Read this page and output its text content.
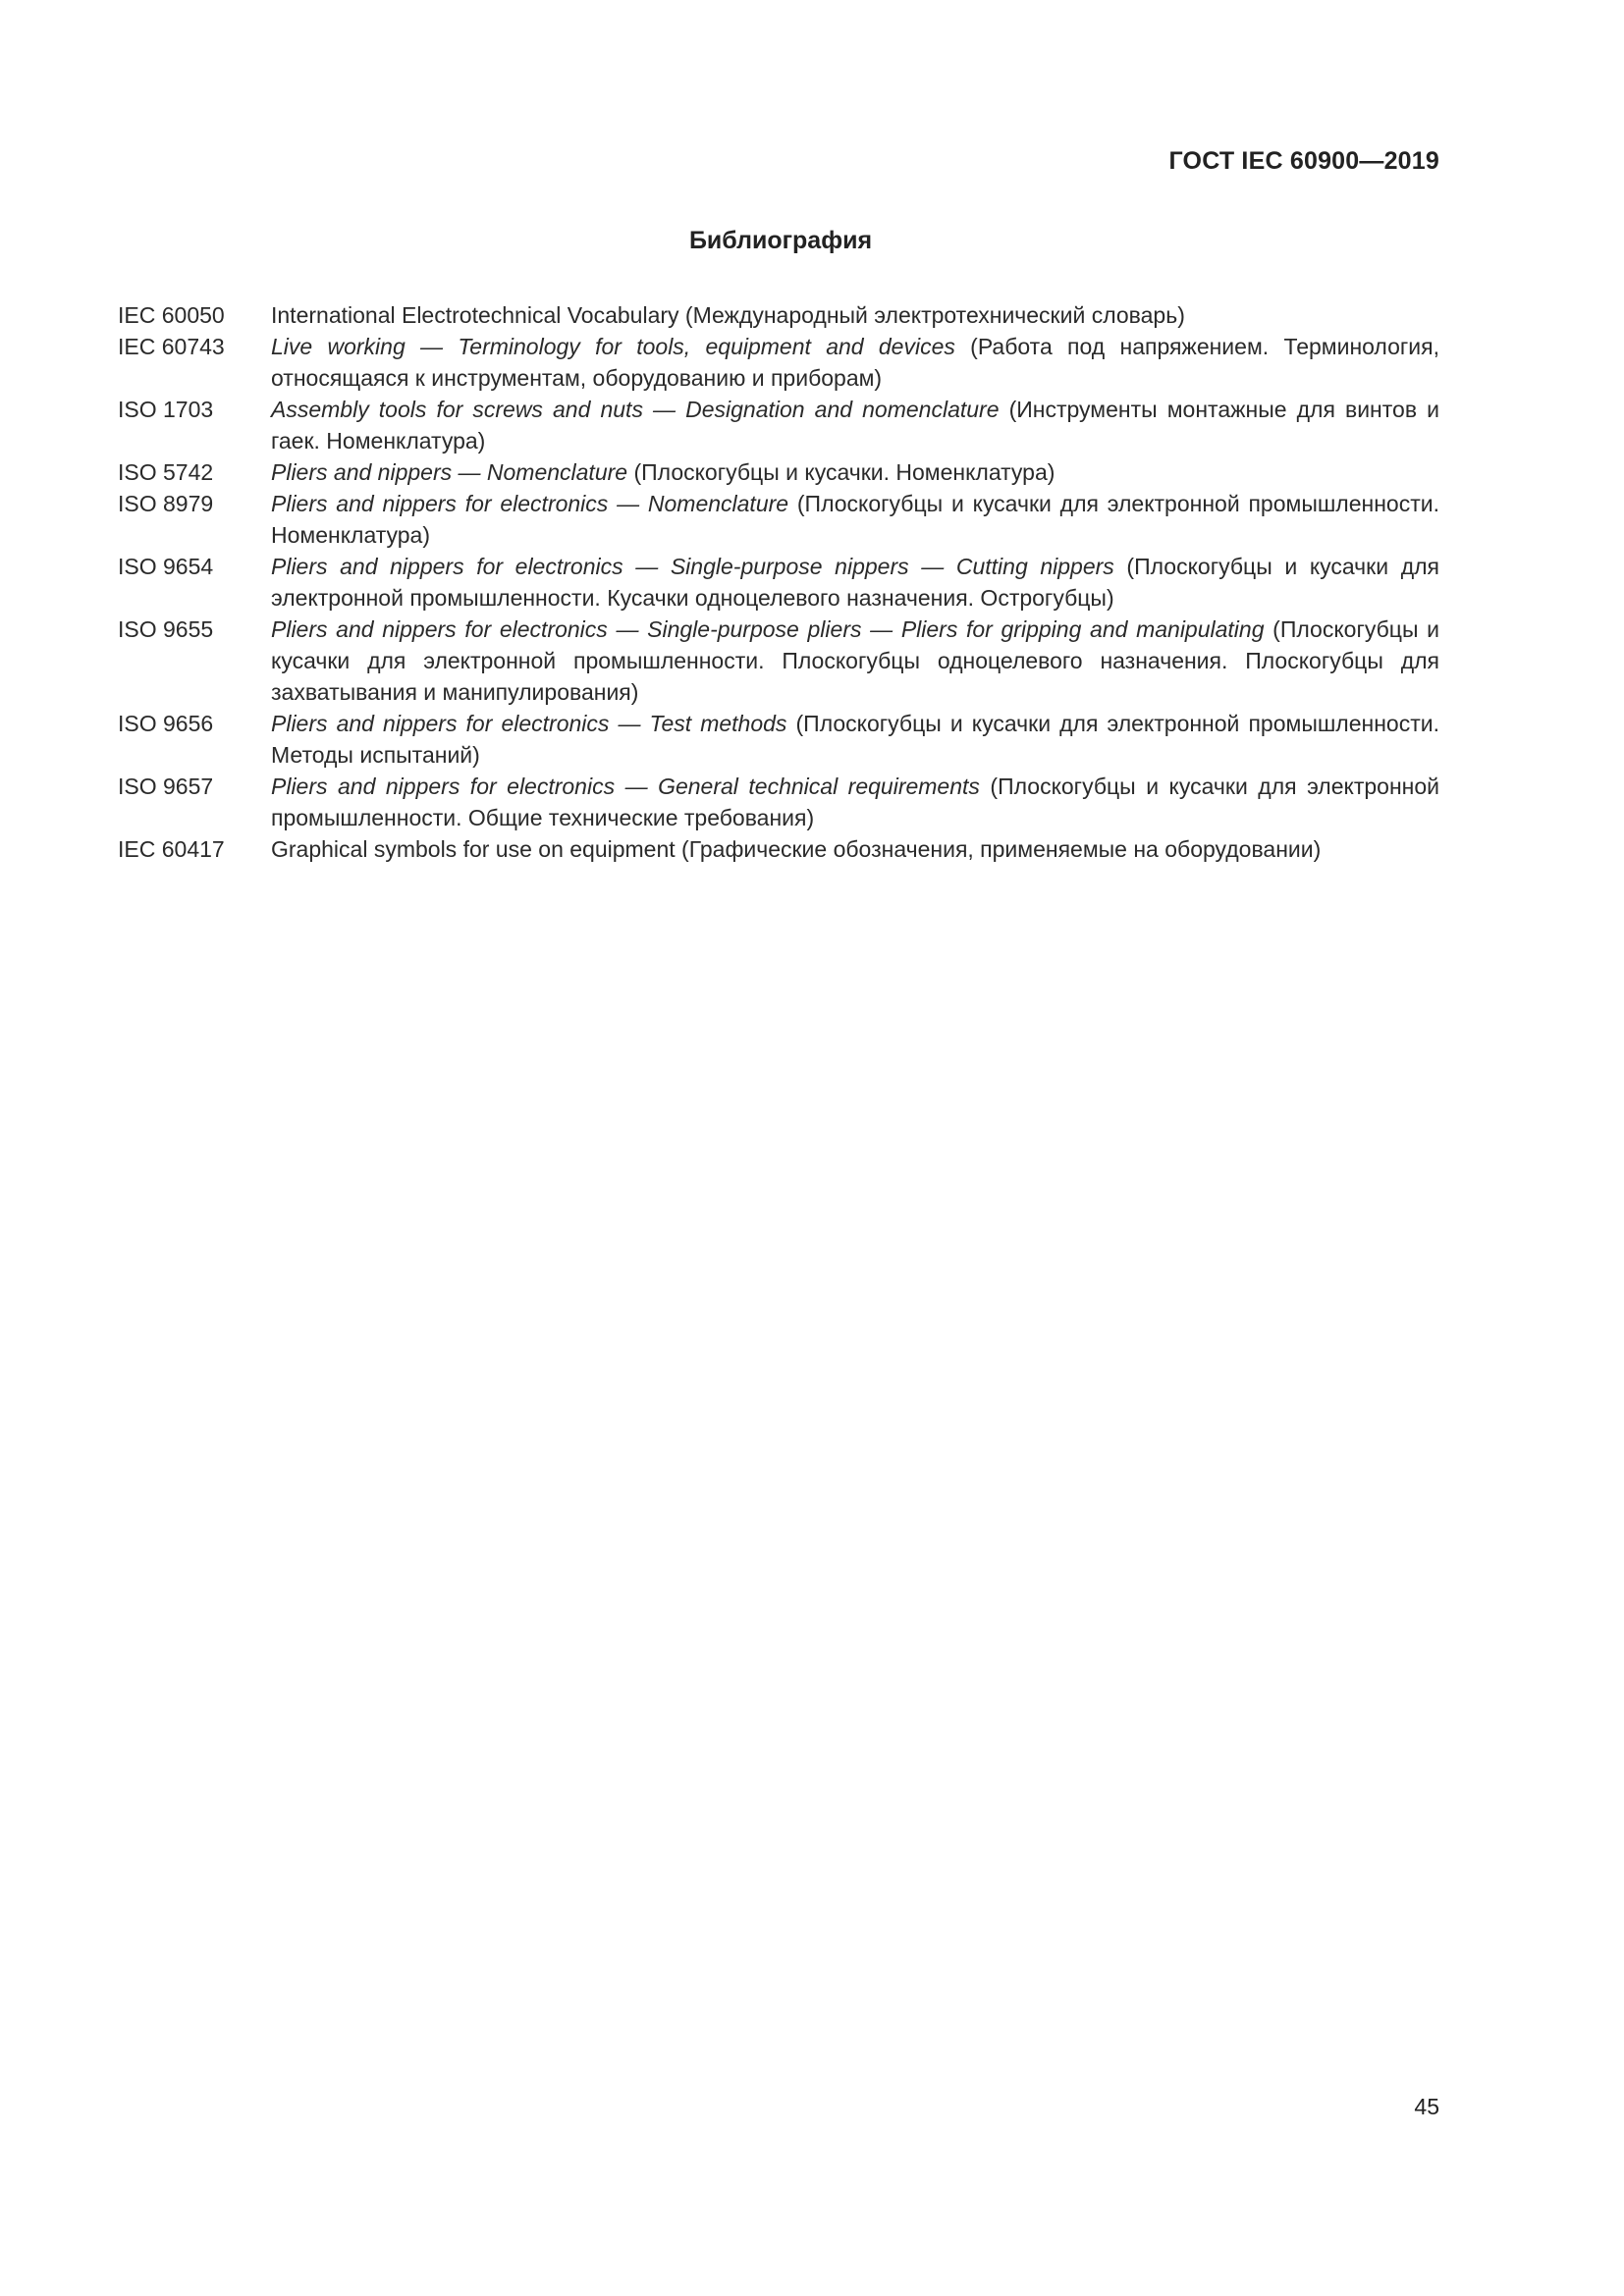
ГОСТ IEC 60900—2019
Библиография
IEC 60050	International Electrotechnical Vocabulary (Международный электротехнический словарь)
IEC 60743	Live working — Terminology for tools, equipment and devices (Работа под напряжением. Терминология, относящаяся к инструментам, оборудованию и приборам)
ISO 1703	Assembly tools for screws and nuts — Designation and nomenclature (Инструменты монтажные для винтов и гаек. Номенклатура)
ISO 5742	Pliers and nippers — Nomenclature (Плоскогубцы и кусачки. Номенклатура)
ISO 8979	Pliers and nippers for electronics — Nomenclature (Плоскогубцы и кусачки для электронной промышленности. Номенклатура)
ISO 9654	Pliers and nippers for electronics — Single-purpose nippers — Cutting nippers (Плоскогубцы и кусачки для электронной промышленности. Кусачки одноцелевого назначения. Острогубцы)
ISO 9655	Pliers and nippers for electronics — Single-purpose pliers — Pliers for gripping and manipulating (Плоскогубцы и кусачки для электронной промышленности. Плоскогубцы одноцелевого назначения. Плоскогубцы для захватывания и манипулирования)
ISO 9656	Pliers and nippers for electronics — Test methods (Плоскогубцы и кусачки для электронной промышленности. Методы испытаний)
ISO 9657	Pliers and nippers for electronics — General technical requirements (Плоскогубцы и кусачки для электронной промышленности. Общие технические требования)
IEC 60417	Graphical symbols for use on equipment (Графические обозначения, применяемые на оборудовании)
45
